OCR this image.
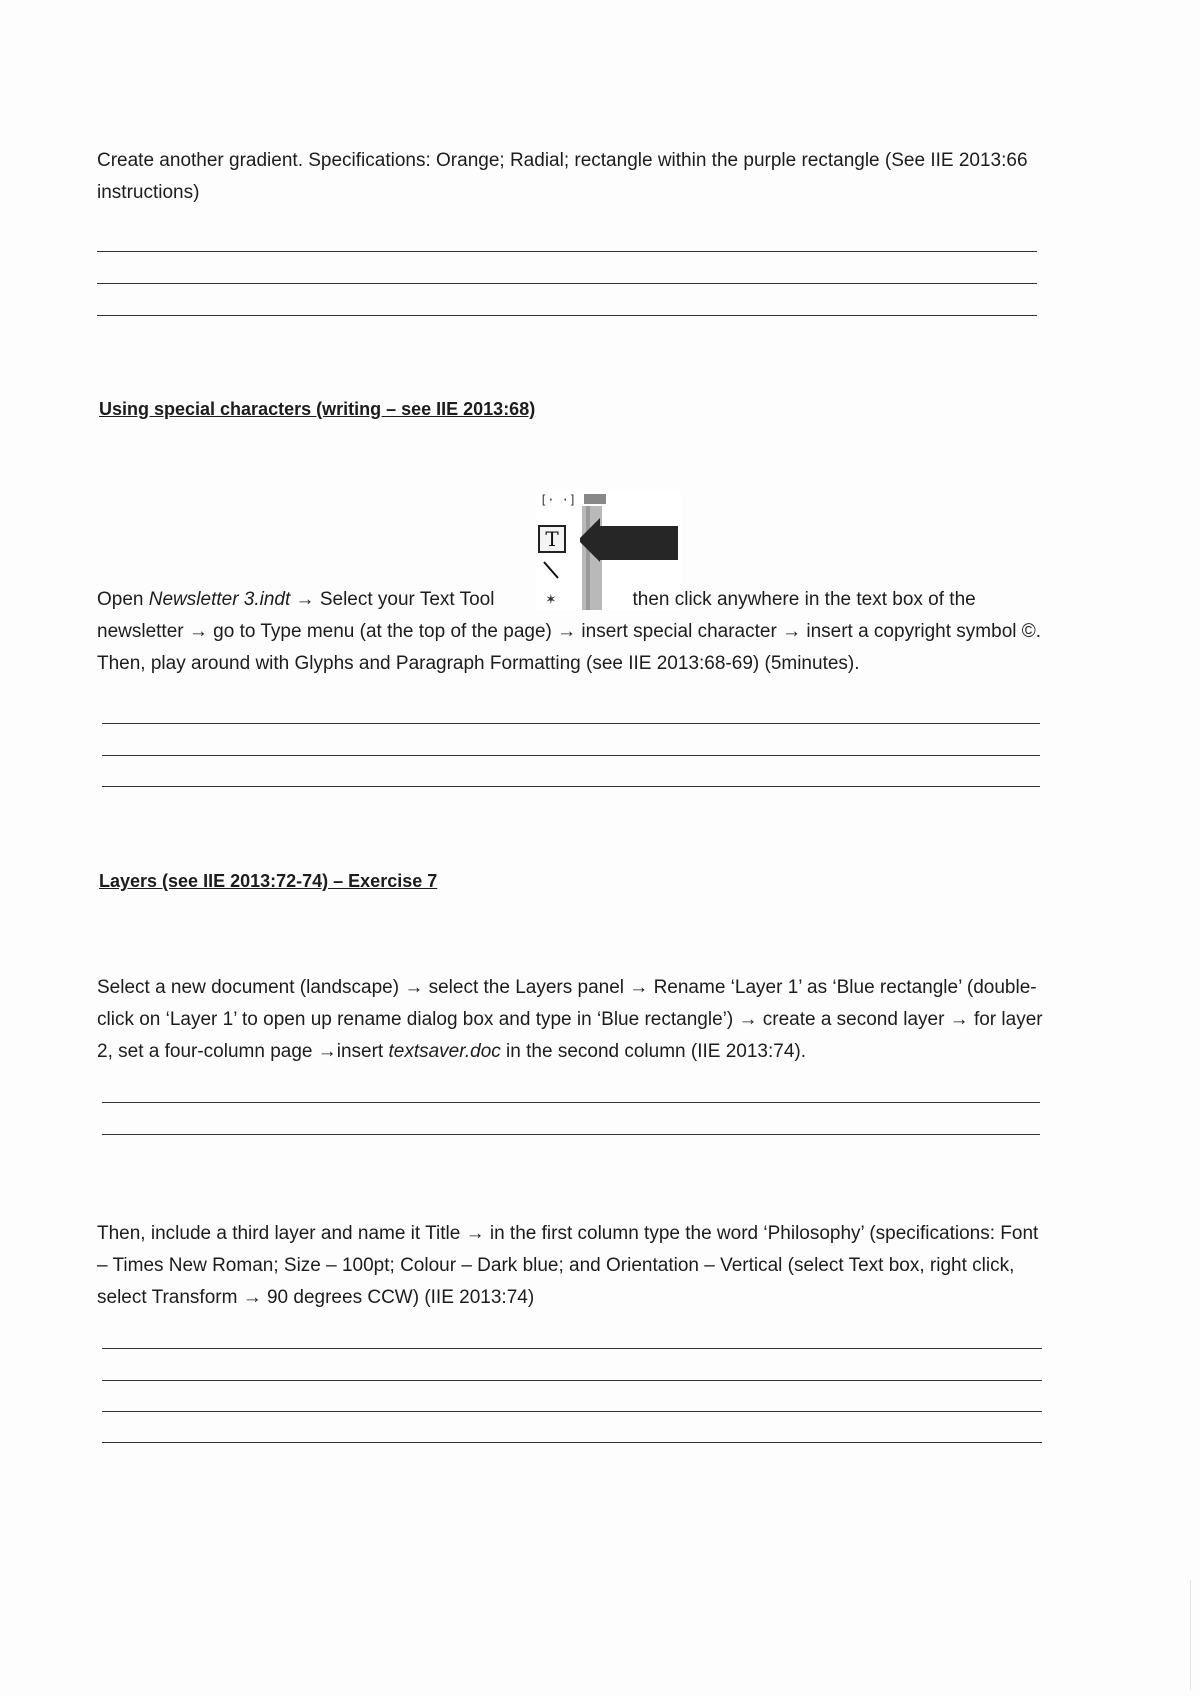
Create another gradient. Specifications: Orange; Radial; rectangle within the purple rectangle (See IIE 2013:66 instructions)

Using special characters (writing – see IIE 2013:68)

[· ·]
T
✶

Open Newsletter 3.indt → Select your Text Tool	then click anywhere in the text box of the newsletter → go to Type menu (at the top of the page) → insert special character → insert a copyright symbol ©. Then, play around with Glyphs and Paragraph Formatting (see IIE 2013:68-69) (5minutes).

Layers (see IIE 2013:72-74) – Exercise 7

Select a new document (landscape) → select the Layers panel → Rename ‘Layer 1’ as ‘Blue rectangle’ (double-click on ‘Layer 1’ to open up rename dialog box and type in ‘Blue rectangle’) → create a second layer → for layer 2, set a four-column page →insert textsaver.doc in the second column (IIE 2013:74).

Then, include a third layer and name it Title → in the first column type the word ‘Philosophy’ (specifications: Font – Times New Roman; Size – 100pt; Colour – Dark blue; and Orientation – Vertical (select Text box, right click, select Transform → 90 degrees CCW) (IIE 2013:74)
